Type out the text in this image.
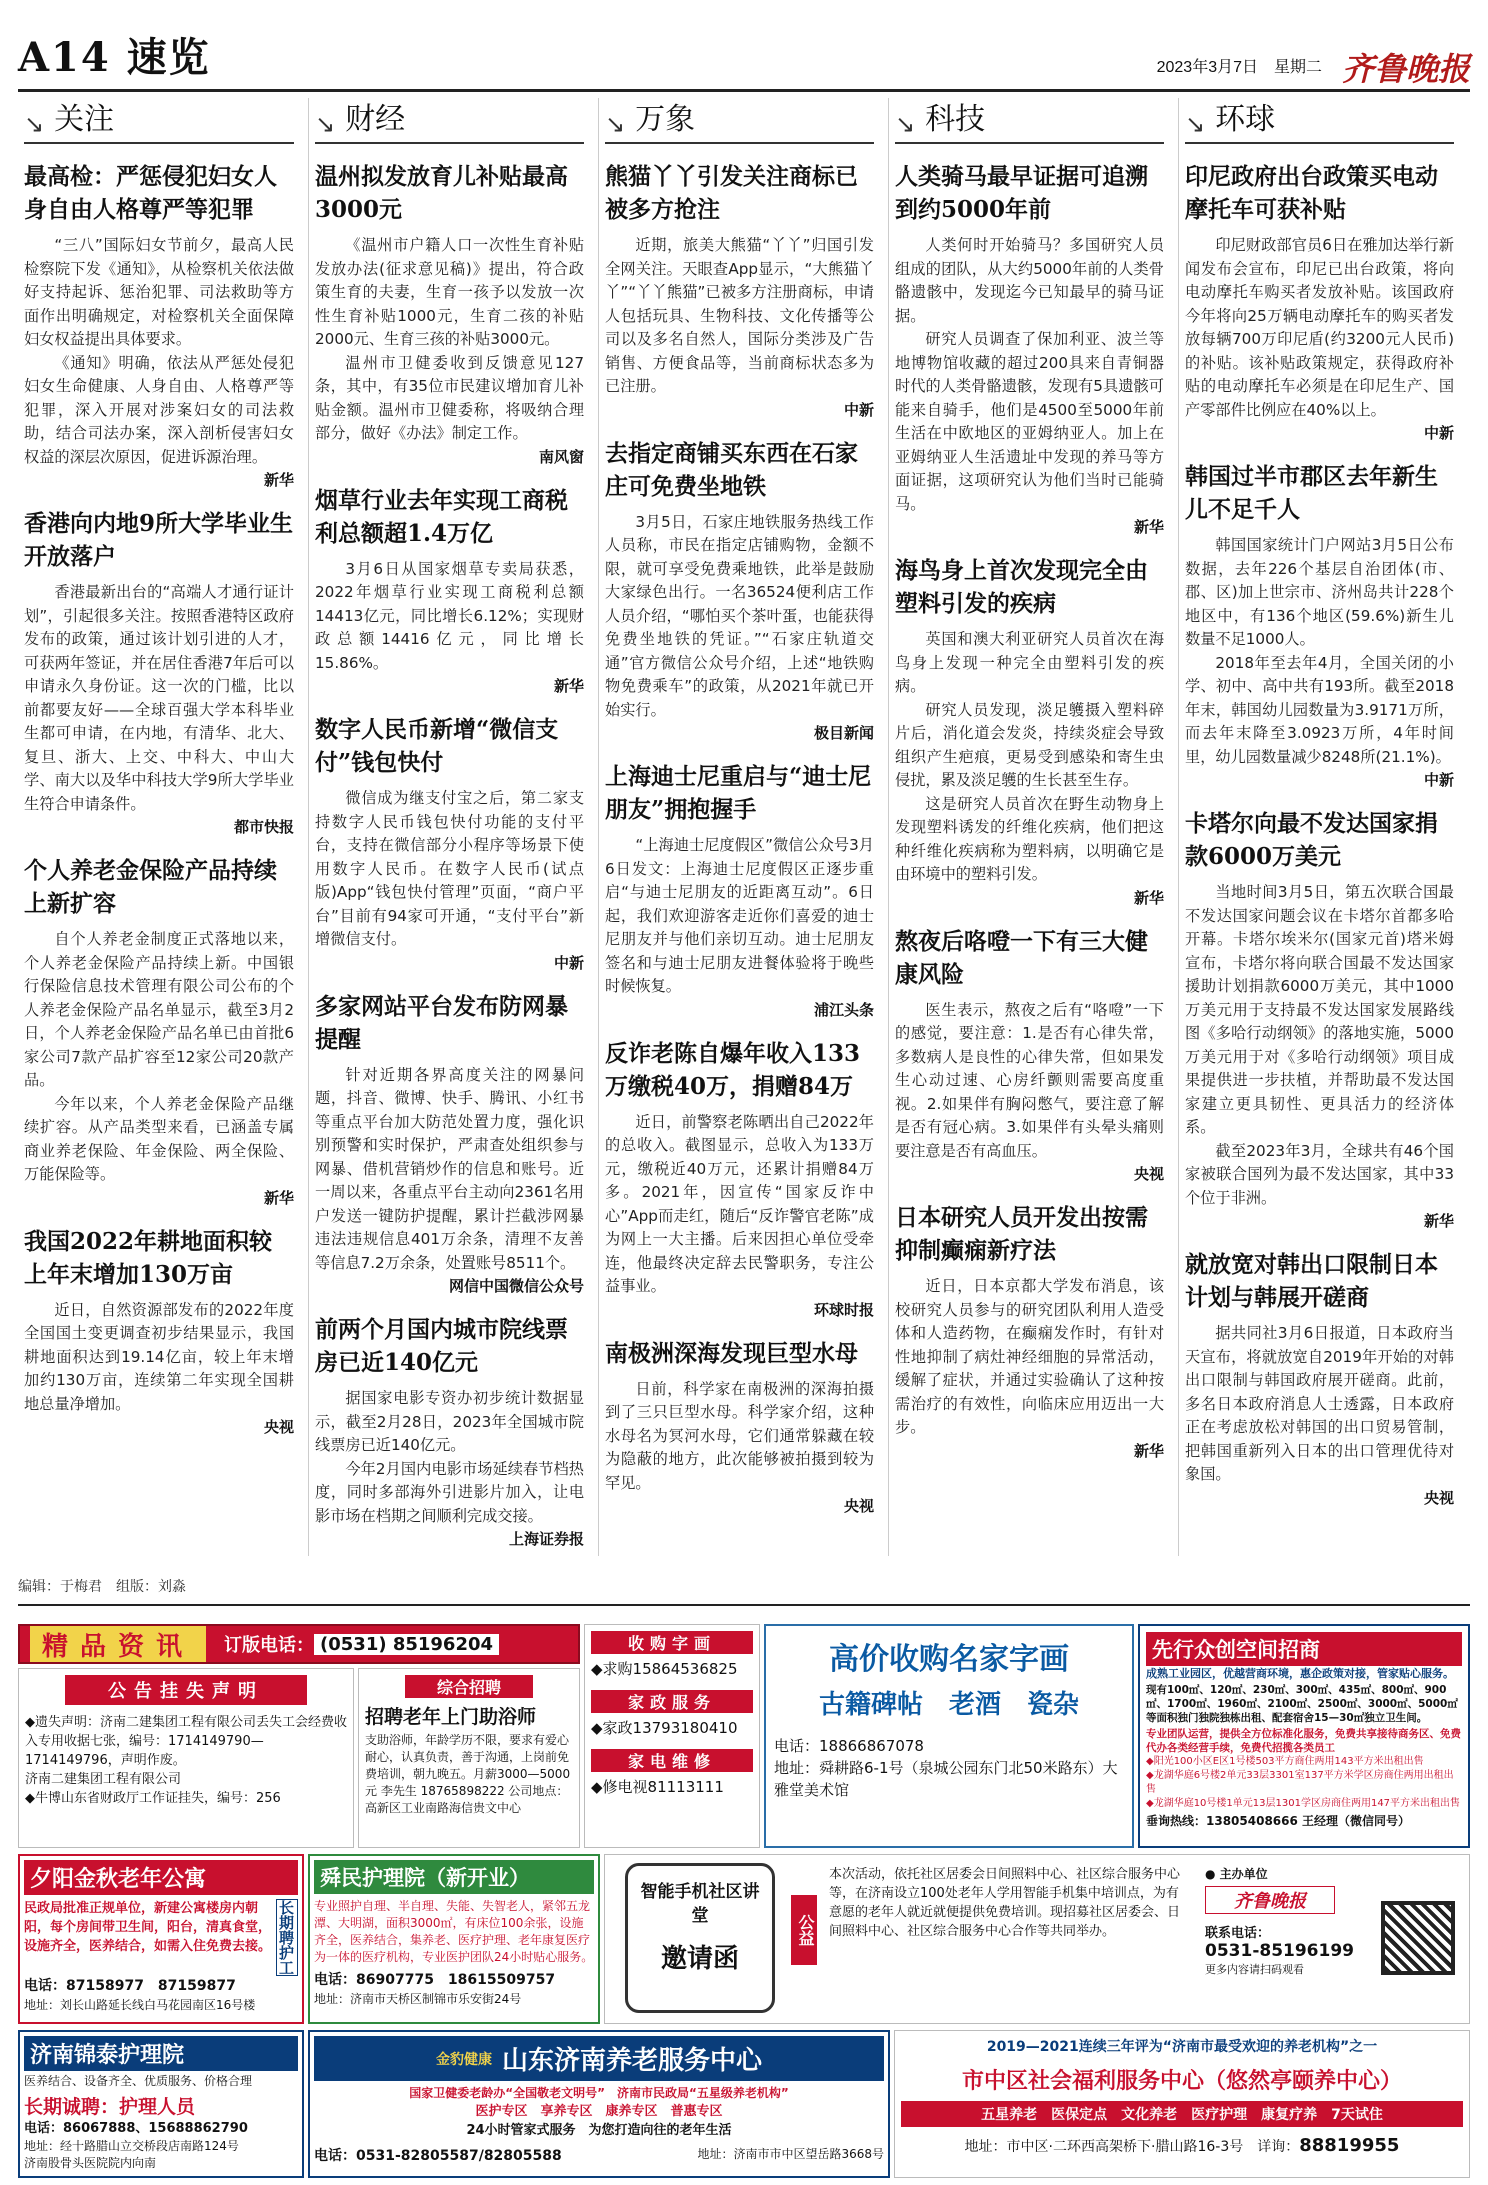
A14 速览	2023年3月7日　星期二 齐鲁晚报
↘ 关注
最高检：严惩侵犯妇女人身自由人格尊严等犯罪
“三八”国际妇女节前夕，最高人民检察院下发《通知》，从检察机关依法做好支持起诉、惩治犯罪、司法救助等方面作出明确规定，对检察机关全面保障妇女权益提出具体要求。
《通知》明确，依法从严惩处侵犯妇女生命健康、人身自由、人格尊严等犯罪，深入开展对涉案妇女的司法救助，结合司法办案，深入剖析侵害妇女权益的深层次原因，促进诉源治理。
新华
香港向内地9所大学毕业生开放落户
香港最新出台的“高端人才通行证计划”，引起很多关注。按照香港特区政府发布的政策，通过该计划引进的人才，可获两年签证，并在居住香港7年后可以申请永久身份证。这一次的门槛，比以前都要友好——全球百强大学本科毕业生都可申请，在内地，有清华、北大、复旦、浙大、上交、中科大、中山大学、南大以及华中科技大学9所大学毕业生符合申请条件。
都市快报
个人养老金保险产品持续上新扩容
自个人养老金制度正式落地以来，个人养老金保险产品持续上新。中国银行保险信息技术管理有限公司公布的个人养老金保险产品名单显示，截至3月2日，个人养老金保险产品名单已由首批6家公司7款产品扩容至12家公司20款产品。
今年以来，个人养老金保险产品继续扩容。从产品类型来看，已涵盖专属商业养老保险、年金保险、两全保险、万能保险等。
新华
我国2022年耕地面积较上年末增加130万亩
近日，自然资源部发布的2022年度全国国土变更调查初步结果显示，我国耕地面积达到19.14亿亩，较上年末增加约130万亩，连续第二年实现全国耕地总量净增加。
央视
↘ 财经
温州拟发放育儿补贴最高3000元
《温州市户籍人口一次性生育补贴发放办法(征求意见稿)》提出，符合政策生育的夫妻，生育一孩予以发放一次性生育补贴1000元，生育二孩的补贴2000元、生育三孩的补贴3000元。
温州市卫健委收到反馈意见127条，其中，有35位市民建议增加育儿补贴金额。温州市卫健委称，将吸纳合理部分，做好《办法》制定工作。
南风窗
烟草行业去年实现工商税利总额超1.4万亿
3月6日从国家烟草专卖局获悉，2022年烟草行业实现工商税利总额14413亿元，同比增长6.12%；实现财政总额14416亿元，同比增长15.86%。
新华
数字人民币新增“微信支付”钱包快付
微信成为继支付宝之后，第二家支持数字人民币钱包快付功能的支付平台，支持在微信部分小程序等场景下使用数字人民币。在数字人民币(试点版)App“钱包快付管理”页面，“商户平台”目前有94家可开通，“支付平台”新增微信支付。
中新
多家网站平台发布防网暴提醒
针对近期各界高度关注的网暴问题，抖音、微博、快手、腾讯、小红书等重点平台加大防范处置力度，强化识别预警和实时保护，严肃查处组织参与网暴、借机营销炒作的信息和账号。近一周以来，各重点平台主动向2361名用户发送一键防护提醒，累计拦截涉网暴违法违规信息401万余条，清理不友善等信息7.2万余条，处置账号8511个。
网信中国微信公众号
前两个月国内城市院线票房已近140亿元
据国家电影专资办初步统计数据显示，截至2月28日，2023年全国城市院线票房已近140亿元。
今年2月国内电影市场延续春节档热度，同时多部海外引进影片加入，让电影市场在档期之间顺利完成交接。
上海证券报
↘ 万象
熊猫丫丫引发关注商标已被多方抢注
近期，旅美大熊猫“丫丫”归国引发全网关注。天眼查App显示，“大熊猫丫丫”“丫丫熊猫”已被多方注册商标，申请人包括玩具、生物科技、文化传播等公司以及多名自然人，国际分类涉及广告销售、方便食品等，当前商标状态多为已注册。
中新
去指定商铺买东西在石家庄可免费坐地铁
3月5日，石家庄地铁服务热线工作人员称，市民在指定店铺购物，金额不限，就可享受免费乘地铁，此举是鼓励大家绿色出行。一名36524便利店工作人员介绍，“哪怕买个茶叶蛋，也能获得免费坐地铁的凭证。”“石家庄轨道交通”官方微信公众号介绍，上述“地铁购物免费乘车”的政策，从2021年就已开始实行。
极目新闻
上海迪士尼重启与“迪士尼朋友”拥抱握手
“上海迪士尼度假区”微信公众号3月6日发文：上海迪士尼度假区正逐步重启“与迪士尼朋友的近距离互动”。6日起，我们欢迎游客走近你们喜爱的迪士尼朋友并与他们亲切互动。迪士尼朋友签名和与迪士尼朋友进餐体验将于晚些时候恢复。
浦江头条
反诈老陈自爆年收入133万缴税40万，捐赠84万
近日，前警察老陈晒出自己2022年的总收入。截图显示，总收入为133万元，缴税近40万元，还累计捐赠84万多。2021年，因宣传“国家反诈中心”App而走红，随后“反诈警官老陈”成为网上一大主播。后来因担心单位受牵连，他最终决定辞去民警职务，专注公益事业。
环球时报
南极洲深海发现巨型水母
日前，科学家在南极洲的深海拍摄到了三只巨型水母。科学家介绍，这种水母名为冥河水母，它们通常躲藏在较为隐蔽的地方，此次能够被拍摄到较为罕见。
央视
↘ 科技
人类骑马最早证据可追溯到约5000年前
人类何时开始骑马？多国研究人员组成的团队，从大约5000年前的人类骨骼遗骸中，发现迄今已知最早的骑马证据。
研究人员调查了保加利亚、波兰等地博物馆收藏的超过200具来自青铜器时代的人类骨骼遗骸，发现有5具遗骸可能来自骑手，他们是4500至5000年前生活在中欧地区的亚姆纳亚人。加上在亚姆纳亚人生活遗址中发现的养马等方面证据，这项研究认为他们当时已能骑马。
新华
海鸟身上首次发现完全由塑料引发的疾病
英国和澳大利亚研究人员首次在海鸟身上发现一种完全由塑料引发的疾病。
研究人员发现，淡足鹱摄入塑料碎片后，消化道会发炎，持续炎症会导致组织产生疤痕，更易受到感染和寄生虫侵扰，累及淡足鹱的生长甚至生存。
这是研究人员首次在野生动物身上发现塑料诱发的纤维化疾病，他们把这种纤维化疾病称为塑料病，以明确它是由环境中的塑料引发。
新华
熬夜后咯噔一下有三大健康风险
医生表示，熬夜之后有“咯噔”一下的感觉，要注意：1.是否有心律失常，多数病人是良性的心律失常，但如果发生心动过速、心房纤颤则需要高度重视。2.如果伴有胸闷憋气，要注意了解是否有冠心病。3.如果伴有头晕头痛则要注意是否有高血压。
央视
日本研究人员开发出按需抑制癫痫新疗法
近日，日本京都大学发布消息，该校研究人员参与的研究团队利用人造受体和人造药物，在癫痫发作时，有针对性地抑制了病灶神经细胞的异常活动，缓解了症状，并通过实验确认了这种按需治疗的有效性，向临床应用迈出一大步。
新华
↘ 环球
印尼政府出台政策买电动摩托车可获补贴
印尼财政部官员6日在雅加达举行新闻发布会宣布，印尼已出台政策，将向电动摩托车购买者发放补贴。该国政府今年将向25万辆电动摩托车的购买者发放每辆700万印尼盾(约3200元人民币)的补贴。该补贴政策规定，获得政府补贴的电动摩托车必须是在印尼生产、国产零部件比例应在40%以上。
中新
韩国过半市郡区去年新生儿不足千人
韩国国家统计门户网站3月5日公布数据，去年226个基层自治团体(市、郡、区)加上世宗市、济州岛共计228个地区中，有136个地区(59.6%)新生儿数量不足1000人。
2018年至去年4月，全国关闭的小学、初中、高中共有193所。截至2018年末，韩国幼儿园数量为3.9171万所，而去年末降至3.0923万所，4年时间里，幼儿园数量减少8248所(21.1%)。
中新
卡塔尔向最不发达国家捐款6000万美元
当地时间3月5日，第五次联合国最不发达国家问题会议在卡塔尔首都多哈开幕。卡塔尔埃米尔(国家元首)塔米姆宣布，卡塔尔将向联合国最不发达国家援助计划捐款6000万美元，其中1000万美元用于支持最不发达国家发展路线图《多哈行动纲领》的落地实施，5000万美元用于对《多哈行动纲领》项目成果提供进一步扶植，并帮助最不发达国家建立更具韧性、更具活力的经济体系。
截至2023年3月，全球共有46个国家被联合国列为最不发达国家，其中33个位于非洲。
新华
就放宽对韩出口限制日本计划与韩展开磋商
据共同社3月6日报道，日本政府当天宣布，将就放宽自2019年开始的对韩出口限制与韩国政府展开磋商。此前，多名日本政府消息人士透露，日本政府正在考虑放松对韩国的出口贸易管制，把韩国重新列入日本的出口管理优待对象国。
央视
编辑：于梅君　组版：刘淼
精品资讯	订版电话： (0531) 85196204
公告挂失声明
◆遗失声明：济南二建集团工程有限公司丢失工会经费收入专用收据七张，编号：1714149790—1714149796，声明作废。
济南二建集团工程有限公司
◆牛博山东省财政厅工作证挂失，编号：256
综合招聘
招聘老年上门助浴师
支助浴师，年龄学历不限，要求有爱心耐心，认真负责，善于沟通，上岗前免费培训，朝九晚五。月薪3000—5000元 李先生 18765898222 公司地点：高新区工业南路海信贵文中心
收购字画
◆求购15864536825
家政服务
◆家政13793180410
家电维修
◆修电视81113111
高价收购名家字画
古籍碑帖　老酒　瓷杂
电话：18866867078
地址：舜耕路6-1号（泉城公园东门北50米路东）大雅堂美术馆
先行众创空间招商
成熟工业园区，优越营商环境，惠企政策对接，管家贴心服务。
现有100㎡、120㎡、230㎡、300㎡、435㎡、800㎡、900㎡、1700㎡、1960㎡、2100㎡、2500㎡、3000㎡、5000㎡等面积独门独院独栋出租、配套宿舍15—30㎡独立卫生间。
专业团队运营，提供全方位标准化服务，免费共享接待商务区、免费代办各类经营手续，免费代招揽各类员工
◆阳光100小区E区1号楼503平方商住两用143平方米出租出售
◆龙湖华庭6号楼2单元33层3301室137平方米学区房商住两用出租出售
◆龙湖华庭10号楼1单元13层1301学区房商住两用147平方米出租出售
垂询热线：13805408666 王经理（微信同号）
夕阳金秋老年公寓
民政局批准正规单位，新建公寓楼房内朝阳，每个房间带卫生间，阳台，清真食堂，设施齐全，医养结合，如需入住免费去接。 长期聘护工
电话：87158977　87159877
地址：刘长山路延长线白马花园南区16号楼
舜民护理院（新开业）
专业照护自理、半自理、失能、失智老人，紧邻五龙潭、大明湖，面积3000㎡，有床位100余张，设施齐全，医养结合，集养老、医疗护理、老年康复医疗为一体的医疗机构，专业医护团队24小时贴心服务。
电话：86907775　18615509757
地址：济南市天桥区制锦市乐安街24号
智能手机社区讲堂
邀请函
公益
本次活动，依托社区居委会日间照料中心、社区综合服务中心等，在济南设立100处老年人学用智能手机集中培训点，为有意愿的老年人就近就便提供免费培训。现招募社区居委会、日间照料中心、社区综合服务中心合作等共同举办。
● 主办单位
齐鲁晚报
联系电话：
0531-85196199
更多内容请扫码观看
济南锦泰护理院
医养结合、设备齐全、优质服务、价格合理
长期诚聘：护理人员
电话：86067888、15688862790
地址：经十路腊山立交桥段店南路124号
济南股骨头医院院内向南
金豹健康 山东济南养老服务中心
国家卫健委老龄办“全国敬老文明号”　济南市民政局“五星级养老机构”
医护专区　享养专区　康养专区　普惠专区
24小时管家式服务　为您打造向往的老年生活
电话：0531-82805587/82805588	地址：济南市市中区望岳路3668号
2019—2021连续三年评为“济南市最受欢迎的养老机构”之一
市中区社会福利服务中心（悠然亭颐养中心）
五星养老　医保定点　文化养老　医疗护理　康复疗养　7天试住
地址：市中区·二环西高架桥下·腊山路16-3号　详询：88819955
